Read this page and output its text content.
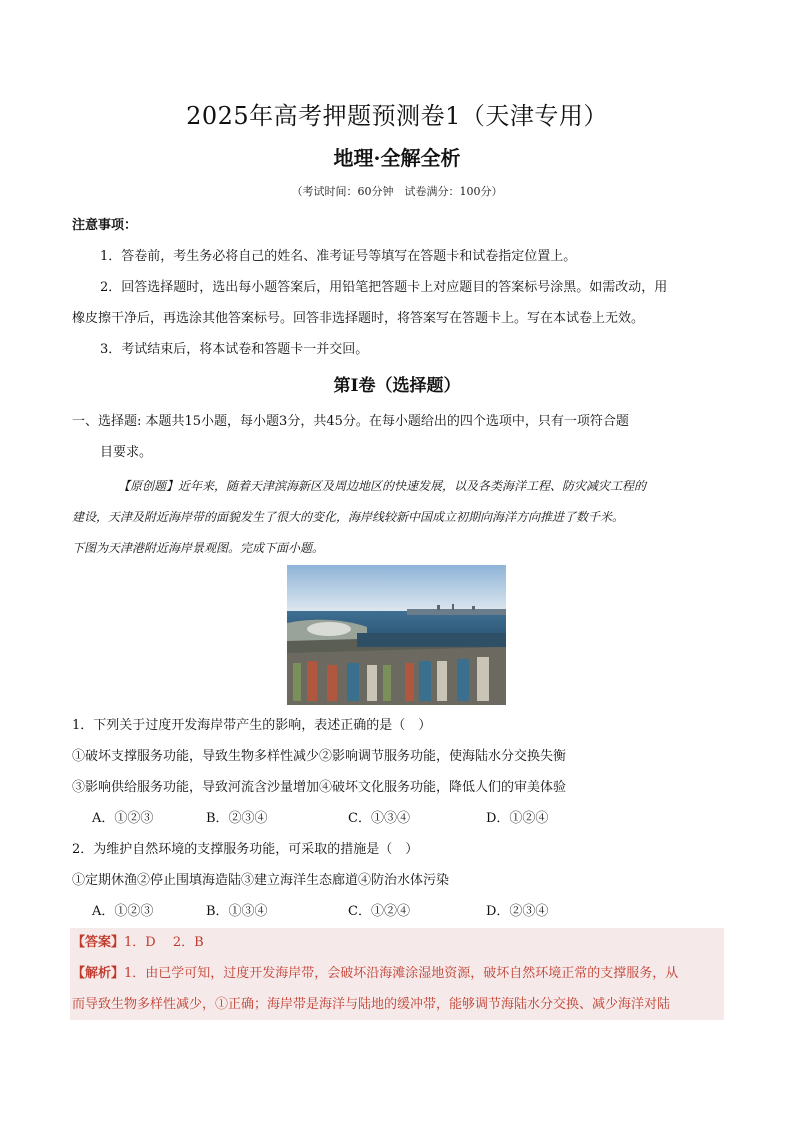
2025年高考押题预测卷1（天津专用）
地理·全解全析
（考试时间：60分钟　试卷满分：100分）
注意事项：
1．答卷前，考生务必将自己的姓名、准考证号等填写在答题卡和试卷指定位置上。
2．回答选择题时，选出每小题答案后，用铅笔把答题卡上对应题目的答案标号涂黑。如需改动，用
橡皮擦干净后，再选涂其他答案标号。回答非选择题时，将答案写在答题卡上。写在本试卷上无效。
3．考试结束后，将本试卷和答题卡一并交回。
第Ⅰ卷（选择题）
一、选择题: 本题共15小题，每小题3分，共45分。在每小题给出的四个选项中，只有一项符合题
目要求。
【原创题】近年来，随着天津滨海新区及周边地区的快速发展，以及各类海洋工程、防灾减灾工程的
建设，天津及附近海岸带的面貌发生了很大的变化，海岸线较新中国成立初期向海洋方向推进了数千米。
下图为天津港附近海岸景观图。完成下面小题。
1．下列关于过度开发海岸带产生的影响，表述正确的是（　）
①破坏支撑服务功能，导致生物多样性减少②影响调节服务功能，使海陆水分交换失衡
③影响供给服务功能，导致河流含沙量增加④破坏文化服务功能，降低人们的审美体验
A．①②③	B．②③④	C．①③④	D．①②④
2．为维护自然环境的支撑服务功能，可采取的措施是（　）
①定期休渔②停止围填海造陆③建立海洋生态廊道④防治水体污染
A．①②③	B．①③④	C．①②④	D．②③④
【答案】1．D　 2．B
【解析】1．由已学可知，过度开发海岸带，会破坏沿海滩涂湿地资源，破坏自然环境正常的支撑服务，从
而导致生物多样性减少，①正确；海岸带是海洋与陆地的缓冲带，能够调节海陆水分交换、减少海洋对陆
